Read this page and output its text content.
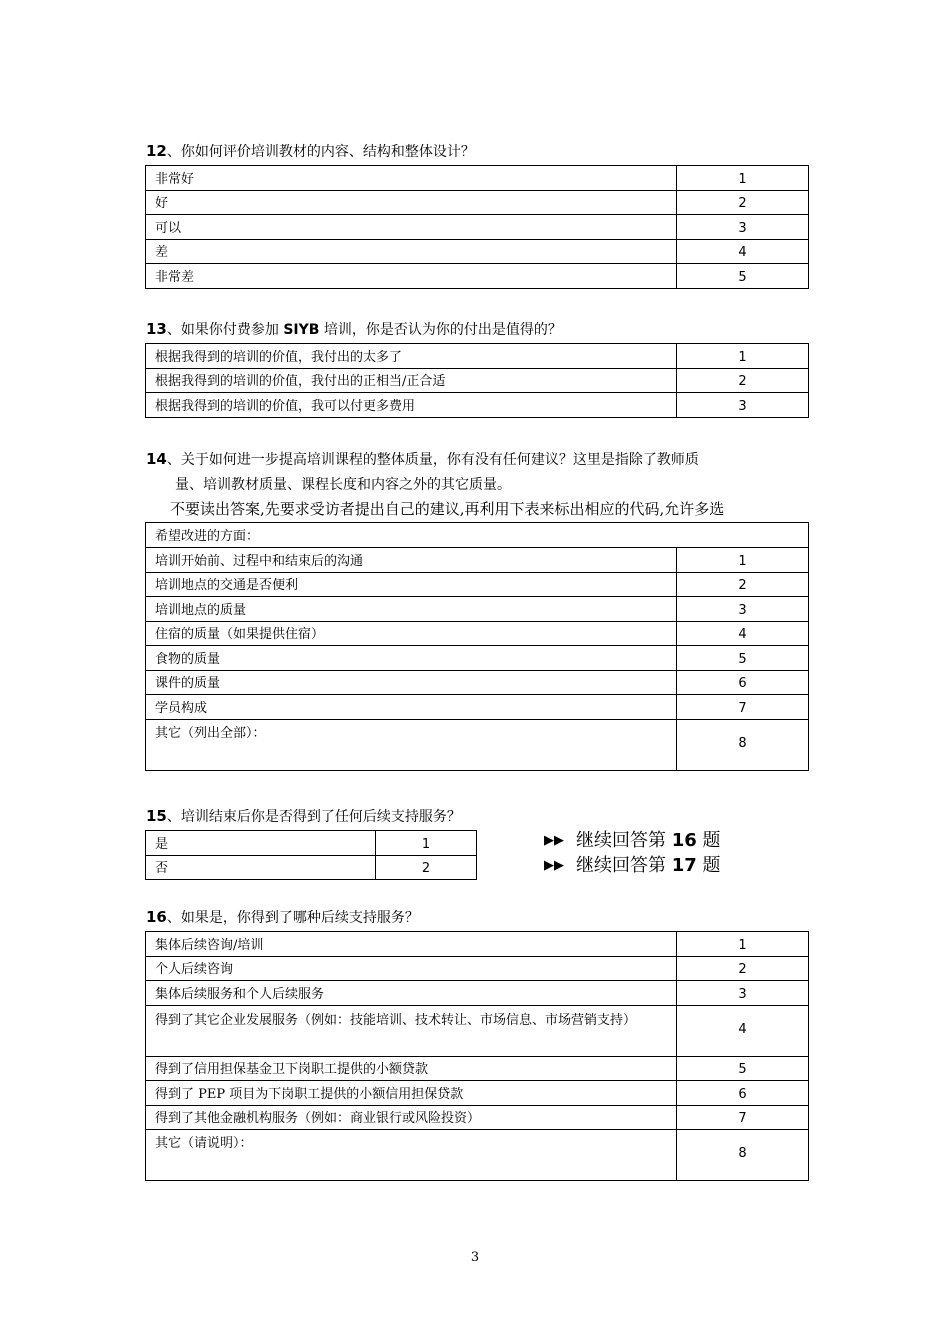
12、你如何评价培训教材的内容、结构和整体设计？
非常好	1
好	2
可以	3
差	4
非常差	5
13、如果你付费参加 SIYB 培训，你是否认为你的付出是值得的？
根据我得到的培训的价值，我付出的太多了	1
根据我得到的培训的价值，我付出的正相当/正合适	2
根据我得到的培训的价值，我可以付更多费用	3
14、关于如何进一步提高培训课程的整体质量，你有没有任何建议？这里是指除了教师质
量、培训教材质量、课程长度和内容之外的其它质量。
不要读出答案,先要求受访者提出自己的建议,再利用下表来标出相应的代码,允许多选
希望改进的方面：	
培训开始前、过程中和结束后的沟通	1
培训地点的交通是否便利	2
培训地点的质量	3
住宿的质量（如果提供住宿）	4
食物的质量	5
课件的质量	6
学员构成	7
其它（列出全部）：	8
15、培训结束后你是否得到了任何后续支持服务？
是	1
否	2
▶▶ 继续回答第 16 题
▶▶ 继续回答第 17 题
16、如果是，你得到了哪种后续支持服务？
集体后续咨询/培训	1
个人后续咨询	2
集体后续服务和个人后续服务	3
得到了其它企业发展服务（例如：技能培训、技术转让、市场信息、市场营销支持）	4
得到了信用担保基金卫下岗职工提供的小额贷款	5
得到了 PEP 项目为下岗职工提供的小额信用担保贷款	6
得到了其他金融机构服务（例如：商业银行或风险投资）	7
其它（请说明）：	8
3
